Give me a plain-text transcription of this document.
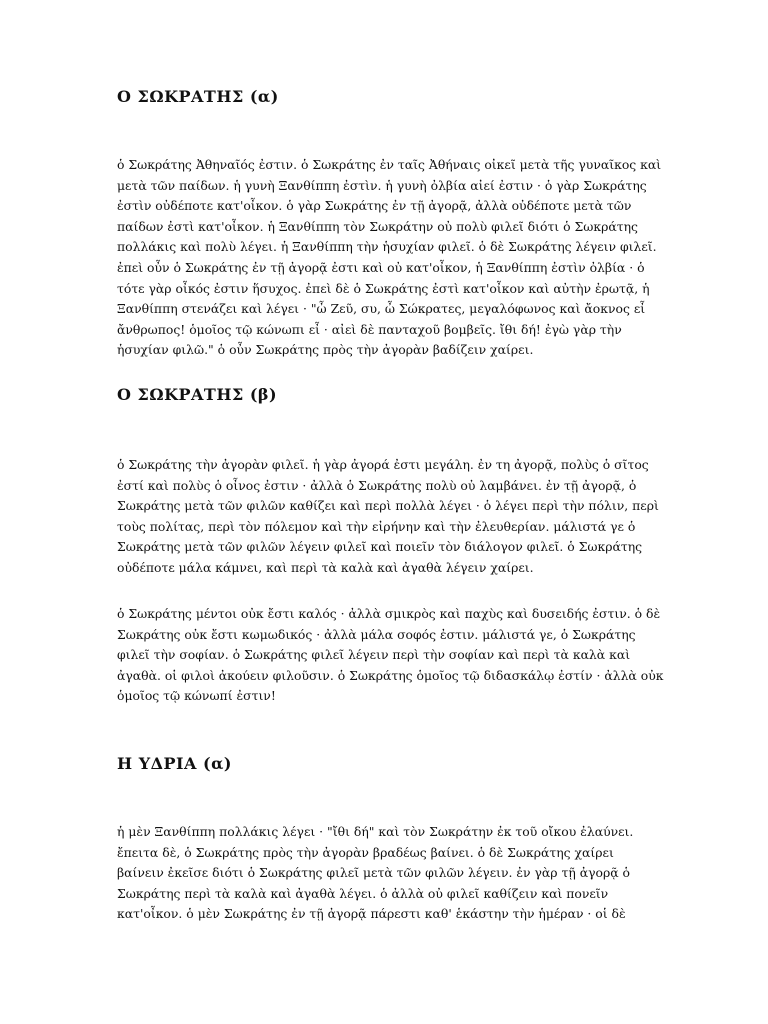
Ο ΣΩΚΡΑΤΗΣ (α)
ὁ Σωκράτης Ἀθηναῖός ἐστιν. ὁ Σωκράτης ἐν ταῖς Ἀθήναις οἰκεῖ μετὰ τῆς γυναῖκος καὶ
μετὰ τῶν παίδων. ἡ γυνὴ Ξανθίππη ἐστὶν. ἡ γυνὴ ὀλβία αἰεί ἐστιν · ὁ γὰρ Σωκράτης
ἐστὶν οὐδέποτε κατ'οἶκον. ὁ γὰρ Σωκράτης ἐν τῇ ἀγορᾷ, ἀλλὰ οὐδέποτε μετὰ τῶν
παίδων ἐστὶ κατ'οἶκον. ἡ Ξανθίππη τὸν Σωκράτην οὐ πολὺ φιλεῖ διότι ὁ Σωκράτης
πολλάκις καὶ πολὺ λέγει. ἡ Ξανθίππη τὴν ἡσυχίαν φιλεῖ. ὁ δὲ Σωκράτης λέγειν φιλεῖ.
ἐπεὶ οὖν ὁ Σωκράτης ἐν τῇ ἀγορᾷ ἐστι καὶ οὐ κατ'οἶκον, ἡ Ξανθίππη ἐστὶν ὀλβία · ὁ
τότε γὰρ οἶκός ἐστιν ἥσυχος. ἐπεὶ δὲ ὁ Σωκράτης ἐστὶ κατ'οἶκον καὶ αὐτὴν ἐρωτᾷ, ἡ
Ξανθίππη στενάζει καὶ λέγει · "ὦ Ζεῦ, συ, ὦ Σώκρατες, μεγαλόφωνος καὶ ἄοκνος εἶ
ἄνθρωπος! ὁμοῖος τῷ κώνωπι εἶ · αἰεὶ δὲ πανταχοῦ βομβεῖς. ἴθι δή! ἐγὼ γὰρ τὴν
ἡσυχίαν φιλῶ." ὁ οὖν Σωκράτης πρὸς τὴν ἀγορὰν βαδίζειν χαίρει.
Ο ΣΩΚΡΑΤΗΣ (β)
ὁ Σωκράτης τὴν ἀγορὰν φιλεῖ. ἡ γὰρ ἀγορά ἐστι μεγάλη. ἐν τη ἀγορᾷ, πολὺς ὁ σῖτος
ἐστί καὶ πολὺς ὁ οἶνος ἐστιν · ἀλλὰ ὁ Σωκράτης πολὺ οὐ λαμβάνει. ἐν τῇ ἀγορᾷ, ὁ
Σωκράτης μετὰ τῶν φιλῶν καθίζει καὶ περὶ πολλὰ λέγει · ὁ λέγει περὶ τὴν πόλιν, περὶ
τοὺς πολίτας, περὶ τὸν πόλεμον καὶ τὴν εἰρήνην καὶ τὴν ἐλευθερίαν. μάλιστά γε ὁ
Σωκράτης μετὰ τῶν φιλῶν λέγειν φιλεῖ καὶ ποιεῖν τὸν διάλογον φιλεῖ. ὁ Σωκράτης
οὐδέποτε μάλα κάμνει, καὶ περὶ τὰ καλὰ καὶ ἀγαθὰ λέγειν χαίρει.
ὁ Σωκράτης μέντοι οὐκ ἔστι καλός · ἀλλὰ σμικρὸς καὶ παχὺς καὶ δυσειδής ἐστιν. ὁ δὲ
Σωκράτης οὐκ ἔστι κωμωδικός · ἀλλὰ μάλα σοφός ἐστιν. μάλιστά γε, ὁ Σωκράτης
φιλεῖ τὴν σοφίαν. ὁ Σωκράτης φιλεῖ λέγειν περὶ τὴν σοφίαν καὶ περὶ τὰ καλὰ καὶ
ἀγαθὰ. οἱ φιλοὶ ἀκούειν φιλοῦσιν. ὁ Σωκράτης ὁμοῖος τῷ διδασκάλῳ ἐστίν · ἀλλὰ οὐκ
ὁμοῖος τῷ κώνωπί ἐστιν!
Η ΥΔΡΙΑ (α)
ἡ μὲν Ξανθίππη πολλάκις λέγει · "ἴθι δή" καὶ τὸν Σωκράτην ἐκ τοῦ οἴκου ἐλαύνει.
ἔπειτα δὲ, ὁ Σωκράτης πρὸς τὴν ἀγορὰν βραδέως βαίνει. ὁ δὲ Σωκράτης χαίρει
βαίνειν ἐκεῖσε διότι ὁ Σωκράτης φιλεῖ μετὰ τῶν φιλῶν λέγειν. ἐν γὰρ τῇ ἀγορᾷ ὁ
Σωκράτης περὶ τὰ καλὰ καὶ ἀγαθὰ λέγει. ὁ ἀλλὰ οὐ φιλεῖ καθίζειν καὶ πονεῖν
κατ'οἶκον. ὁ μὲν Σωκράτης ἐν τῇ ἀγορᾷ πάρεστι καθ' ἑκάστην τὴν ἡμέραν · οἱ δὲ
